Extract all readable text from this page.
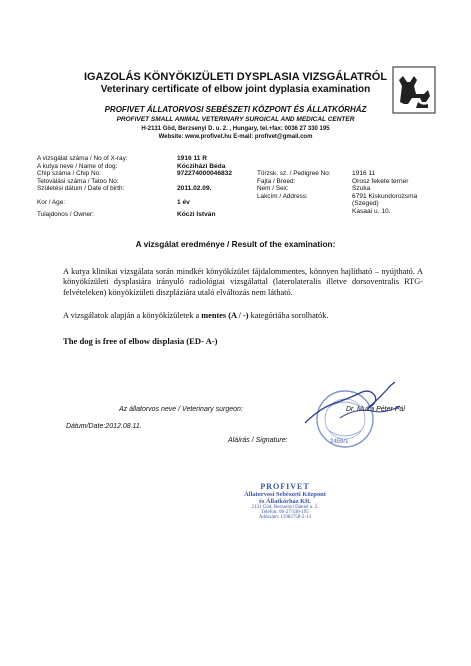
IGAZOLÁS KÖNYÖKIZÜLETI DYSPLASIA VIZSGÁLATRÓL
Veterinary certificate of elbow joint dyplasia examination
PROFIVET ÁLLATORVOSI SEBÉSZETI KÖZPONT ÉS ÁLLATKÓRHÁZ
PROFIVET SMALL ANIMAL VETERINARY SURGICAL AND MEDICAL CENTER
H-2131 Göd, Berzsenyi D. u. 2. , Hungary, tel.+fax: 0036 27 330 195
Website: www.profivet.hu E-mail: profivet@gmail.com
A vizsgálat száma / No of X-ray:
A kutya neve / Name of dog:
Chip száma / Chip No:
Tetoválási száma / Tatoo No:
Születési dátum / Date of birth:
Kor / Age:
Tulajdonos / Owner:
1916 11 R
Kócziházi Béda
972274000046832
2011.02.09.
1 év
Kóczi István
Törzsk. sz. / Pedigree No:
Fajta / Breed:
Nem / Sex:
Lakcím / Address:
1916 11
Orosz fekete terrier
Szuka
6791 Kiskundorozsma
(Szeged)
Kasaai u. 10.
A vizsgálat eredménye / Result of the examination:
A kutya klinikai vizsgálata során mindkét könyökízület fájdalommentes, könnyen hajlítható – nyújtható. A könyökízületi dysplasiára irányuló radiológiai vizsgálattal (laterolateralis illetve dorsoventralis RTG-felvételeken) könyökízületi diszpláziára utaló elváltozás nem látható.
A vizsgálatok alapján a könyökízületek a mentes (A / -) kategóriába sorolhatók.
The dog is free of elbow displasia (ED- A-)
Az állatorvos neve / Veterinary surgeon:	Dr. Muka Péter Pál
Dátum/Date:2012.08.11.
Aláírás / Signature:	2459/1
PROFIVET
Állatorvosi Sebészeti Központ
és Állatkórház Kft.
2131 Göd, Berzsenyi Dániel u. 2.
Telefon: 06-27/330-195
Adószám: 11982758-2-13
